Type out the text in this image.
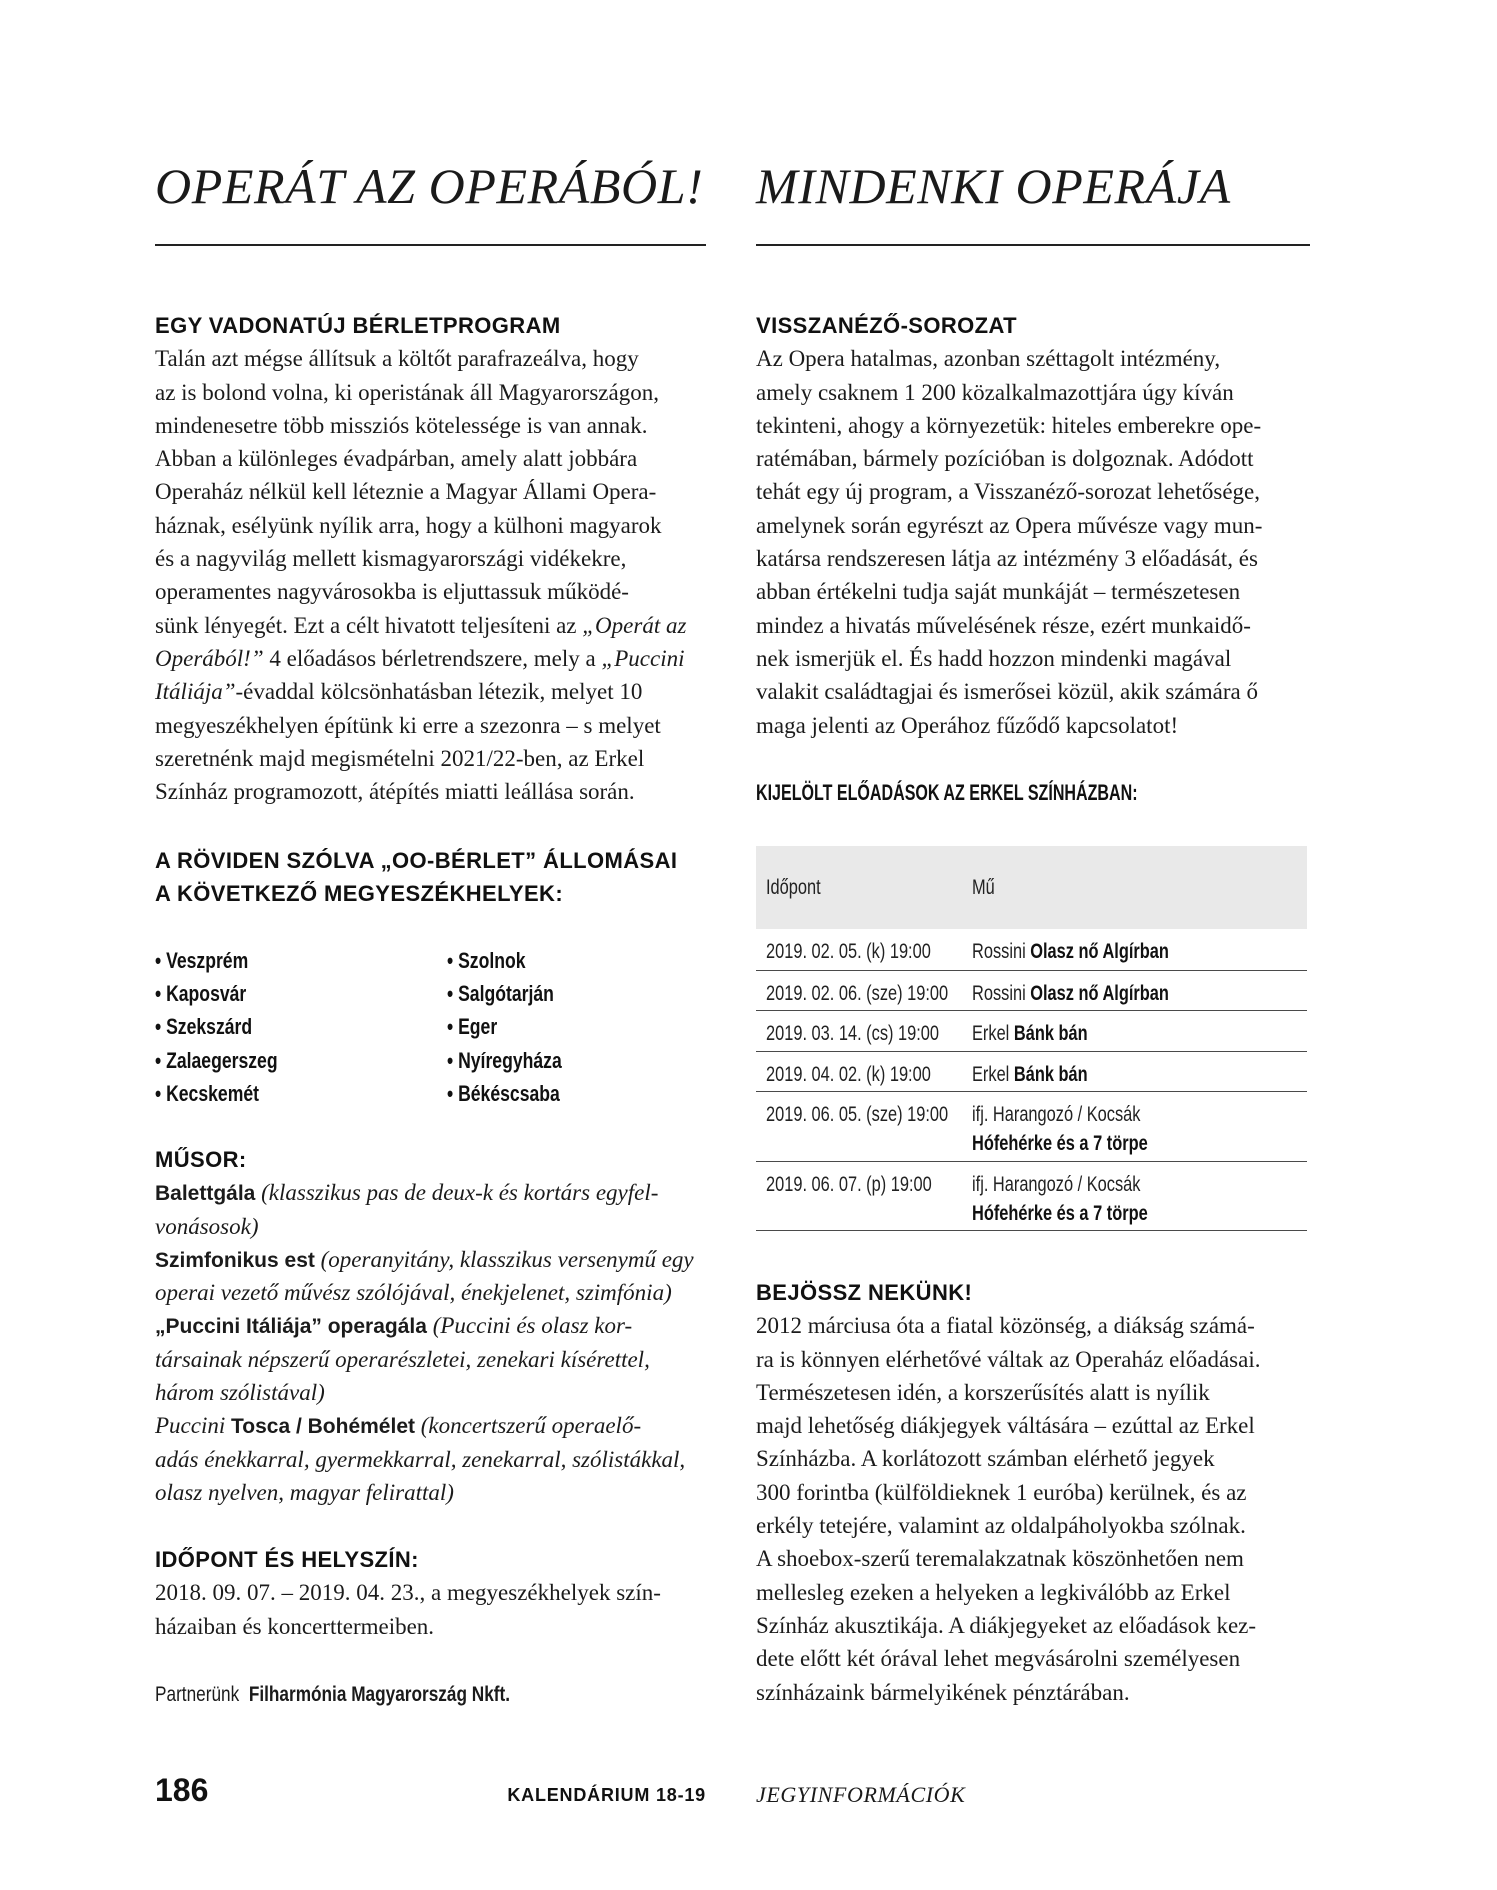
OPERÁT AZ OPERÁBÓL!
EGY VADONATÚJ BÉRLETPROGRAM
Talán azt mégse állítsuk a költőt parafrazeálva, hogy
az is bolond volna, ki operistának áll Magyarországon,
mindenesetre több missziós kötelessége is van annak.
Abban a különleges évadpárban, amely alatt jobbára
Operaház nélkül kell léteznie a Magyar Állami Opera-
háznak, esélyünk nyílik arra, hogy a külhoni magyarok
és a nagyvilág mellett kismagyarországi vidékekre,
operamentes nagyvárosokba is eljuttassuk működé-
sünk lényegét. Ezt a célt hivatott teljesíteni az „Operát az
Operából!” 4 előadásos bérletrendszere, mely a „Puccini
Itáliája”-évaddal kölcsönhatásban létezik, melyet 10
megyeszékhelyen építünk ki erre a szezonra – s melyet
szeretnénk majd megismételni 2021/22-ben, az Erkel
Színház programozott, átépítés miatti leállása során.
A RÖVIDEN SZÓLVA „OO-BÉRLET” ÁLLOMÁSAI
A KÖVETKEZŐ MEGYESZÉKHELYEK:
• Veszprém
• Kaposvár
• Szekszárd
• Zalaegerszeg
• Kecskemét
• Szolnok
• Salgótarján
• Eger
• Nyíregyháza
• Békéscsaba
MŰSOR:
Balettgála (klasszikus pas de deux-k és kortárs egyfel-
vonásosok)
Szimfonikus est (operanyitány, klasszikus versenymű egy
operai vezető művész szólójával, énekjelenet, szimfónia)
„Puccini Itáliája” operagála (Puccini és olasz kor-
társainak népszerű operarészletei, zenekari kísérettel,
három szólistával)
Puccini Tosca / Bohémélet (koncertszerű operaelő-
adás énekkarral, gyermekkarral, zenekarral, szólistákkal,
olasz nyelven, magyar felirattal)
IDŐPONT ÉS HELYSZÍN:
2018. 09. 07. – 2019. 04. 23., a megyeszékhelyek szín-
házaiban és koncerttermeiben.
Partnerünk Filharmónia Magyarország Nkft.
MINDENKI OPERÁJA
VISSZANÉZŐ-SOROZAT
Az Opera hatalmas, azonban széttagolt intézmény,
amely csaknem 1 200 közalkalmazottjára úgy kíván
tekinteni, ahogy a környezetük: hiteles emberekre ope-
ratémában, bármely pozícióban is dolgoznak. Adódott
tehát egy új program, a Visszanéző-sorozat lehetősége,
amelynek során egyrészt az Opera művésze vagy mun-
katársa rendszeresen látja az intézmény 3 előadását, és
abban értékelni tudja saját munkáját – természetesen
mindez a hivatás művelésének része, ezért munkaidő-
nek ismerjük el. És hadd hozzon mindenki magával
valakit családtagjai és ismerősei közül, akik számára ő
maga jelenti az Operához fűződő kapcsolatot!
KIJELÖLT ELŐADÁSOK AZ ERKEL SZÍNHÁZBAN:
Időpont	Mű
2019. 02. 05. (k) 19:00	Rossini Olasz nő Algírban
2019. 02. 06. (sze) 19:00	Rossini Olasz nő Algírban
2019. 03. 14. (cs) 19:00	Erkel Bánk bán
2019. 04. 02. (k) 19:00	Erkel Bánk bán
2019. 06. 05. (sze) 19:00	ifj. Harangozó / Kocsák
Hófehérke és a 7 törpe
2019. 06. 07. (p) 19:00	ifj. Harangozó / Kocsák
Hófehérke és a 7 törpe
BEJÖSSZ NEKÜNK!
2012 márciusa óta a fiatal közönség, a diákság számá-
ra is könnyen elérhetővé váltak az Operaház előadásai.
Természetesen idén, a korszerűsítés alatt is nyílik
majd lehetőség diákjegyek váltására – ezúttal az Erkel
Színházba. A korlátozott számban elérhető jegyek
300 forintba (külföldieknek 1 euróba) kerülnek, és az
erkély tetejére, valamint az oldalpáholyokba szólnak.
A shoebox-szerű teremalakzatnak köszönhetően nem
mellesleg ezeken a helyeken a legkiválóbb az Erkel
Színház akusztikája. A diákjegyeket az előadások kez-
dete előtt két órával lehet megvásárolni személyesen
színházaink bármelyikének pénztárában.
186	KALENDÁRIUM 18-19 JEGYINFORMÁCIÓK
